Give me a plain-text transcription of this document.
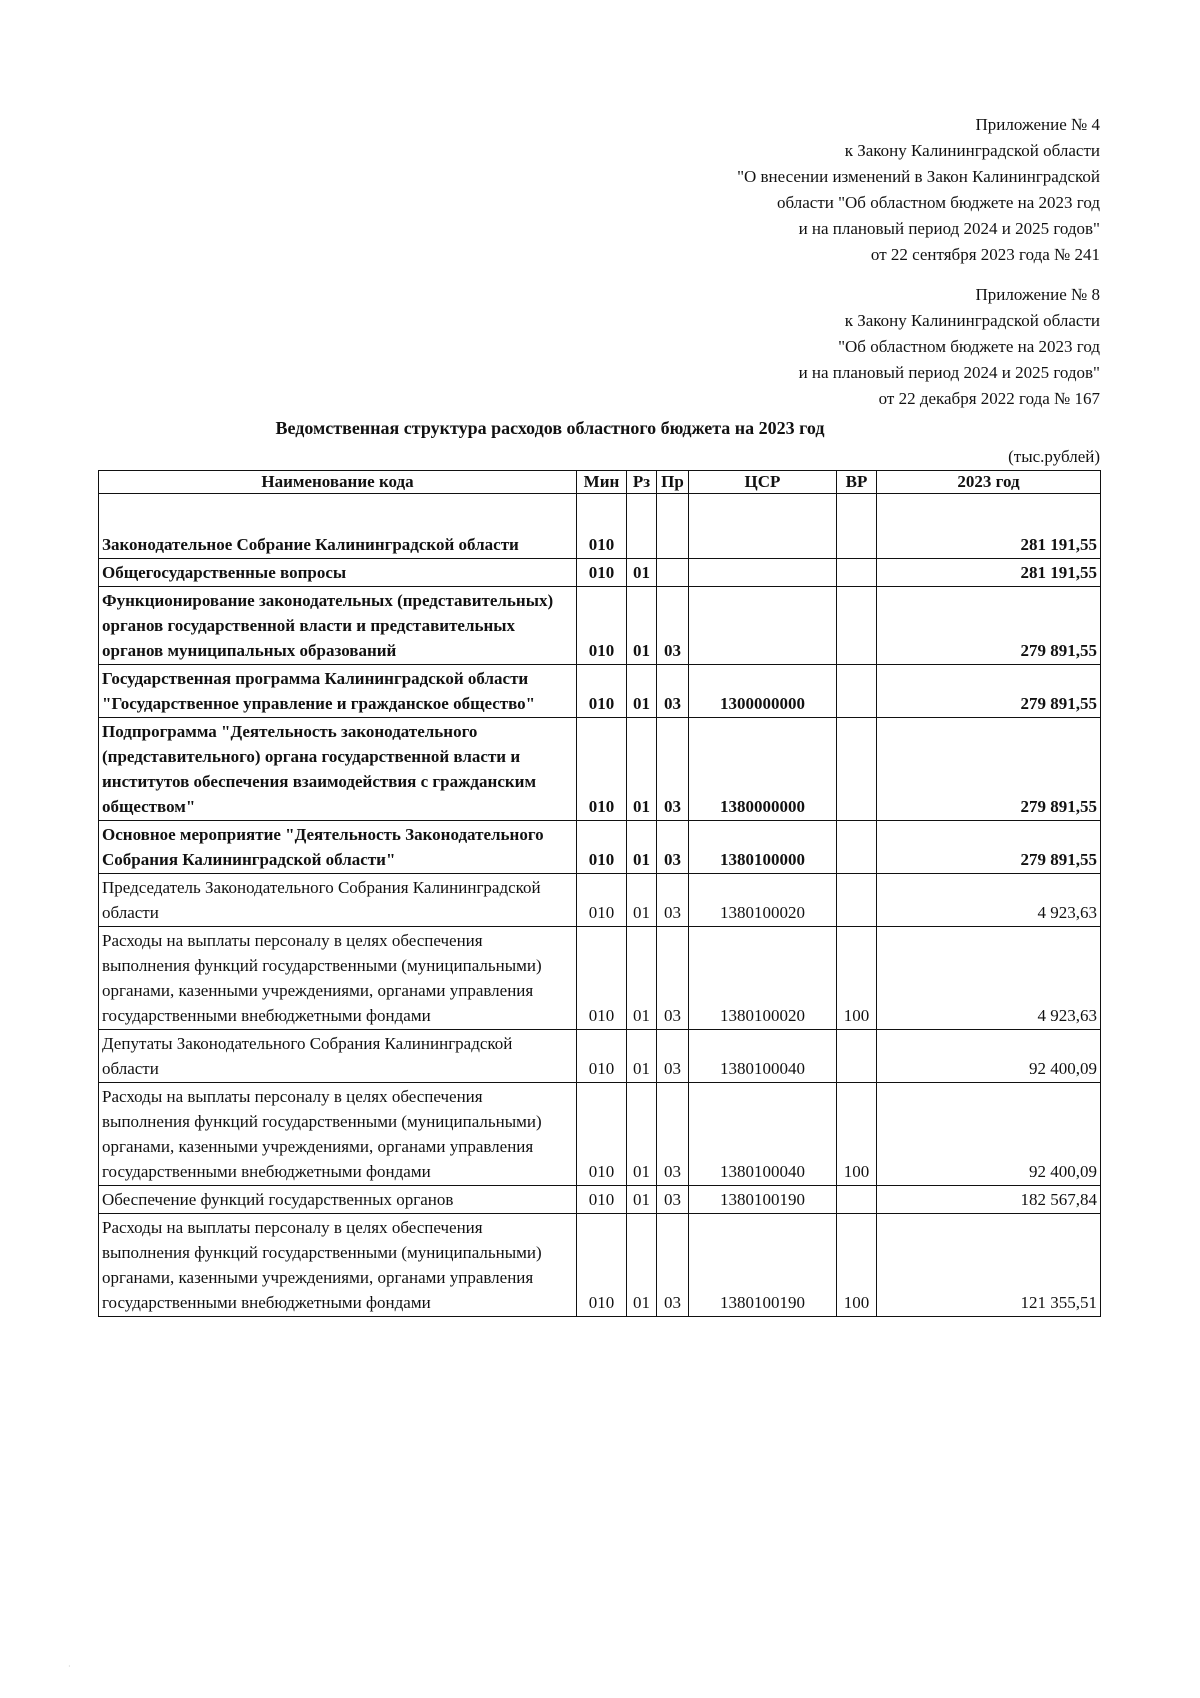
Приложение № 4
к Закону Калининградской области
"О внесении изменений в Закон Калининградской
области "Об областном бюджете на 2023 год
и на плановый период 2024 и 2025 годов"
от 22 сентября 2023 года № 241
Приложение № 8
к Закону Калининградской области
"Об областном бюджете на 2023 год
и на плановый период 2024 и 2025 годов"
от 22 декабря 2022 года № 167
Ведомственная структура расходов областного бюджета на 2023 год
(тыс.рублей)
Наименование кода	Мин	Рз	Пр	ЦСР	ВР	2023 год
Законодательное Собрание Калининградской области	010					281 191,55
Общегосударственные вопросы	010	01				281 191,55
Функционирование законодательных (представительных) органов государственной власти и представительных органов муниципальных образований	010	01	03			279 891,55
Государственная программа Калининградской области "Государственное управление и гражданское общество"	010	01	03	1300000000		279 891,55
Подпрограмма "Деятельность законодательного (представительного) органа государственной власти и институтов обеспечения взаимодействия с гражданским обществом"	010	01	03	1380000000		279 891,55
Основное мероприятие "Деятельность Законодательного Собрания Калининградской области"	010	01	03	1380100000		279 891,55
Председатель Законодательного Собрания Калининградской области	010	01	03	1380100020		4 923,63
Расходы на выплаты персоналу в целях обеспечения выполнения функций государственными (муниципальными) органами, казенными учреждениями, органами управления государственными внебюджетными фондами	010	01	03	1380100020	100	4 923,63
Депутаты Законодательного Собрания Калининградской области	010	01	03	1380100040		92 400,09
Расходы на выплаты персоналу в целях обеспечения выполнения функций государственными (муниципальными) органами, казенными учреждениями, органами управления государственными внебюджетными фондами	010	01	03	1380100040	100	92 400,09
Обеспечение функций государственных органов	010	01	03	1380100190		182 567,84
Расходы на выплаты персоналу в целях обеспечения выполнения функций государственными (муниципальными) органами, казенными учреждениями, органами управления государственными внебюджетными фондами	010	01	03	1380100190	100	121 355,51
·
